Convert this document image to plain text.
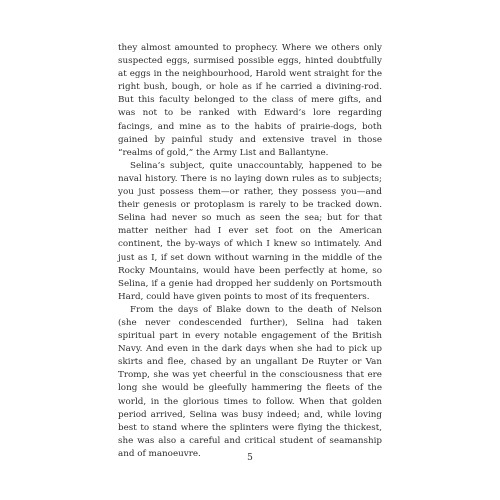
they almost amounted to prophecy. Where we others only suspected eggs, surmised possible eggs, hinted doubtfully at eggs in the neighbourhood, Harold went straight for the right bush, bough, or hole as if he carried a divining-rod. But this faculty belonged to the class of mere gifts, and was not to be ranked with Edward’s lore regarding facings, and mine as to the habits of prairie-dogs, both gained by painful study and extensive travel in those “realms of gold,” the Army List and Ballantyne.

Selina’s subject, quite unaccountably, happened to be naval history. There is no laying down rules as to subjects; you just possess them—or rather, they possess you—and their genesis or protoplasm is rarely to be tracked down. Selina had never so much as seen the sea; but for that matter neither had I ever set foot on the American continent, the by-ways of which I knew so intimately. And just as I, if set down without warning in the middle of the Rocky Mountains, would have been perfectly at home, so Selina, if a genie had dropped her suddenly on Portsmouth Hard, could have given points to most of its frequenters.

From the days of Blake down to the death of Nelson (she never condescended further), Selina had taken spiritual part in every notable engagement of the British Navy. And even in the dark days when she had to pick up skirts and flee, chased by an ungallant De Ruyter or Van Tromp, she was yet cheerful in the consciousness that ere long she would be gleefully hammering the fleets of the world, in the glorious times to follow. When that golden period arrived, Selina was busy indeed; and, while loving best to stand where the splinters were flying the thickest, she was also a careful and critical student of seamanship and of manoeuvre.	5
